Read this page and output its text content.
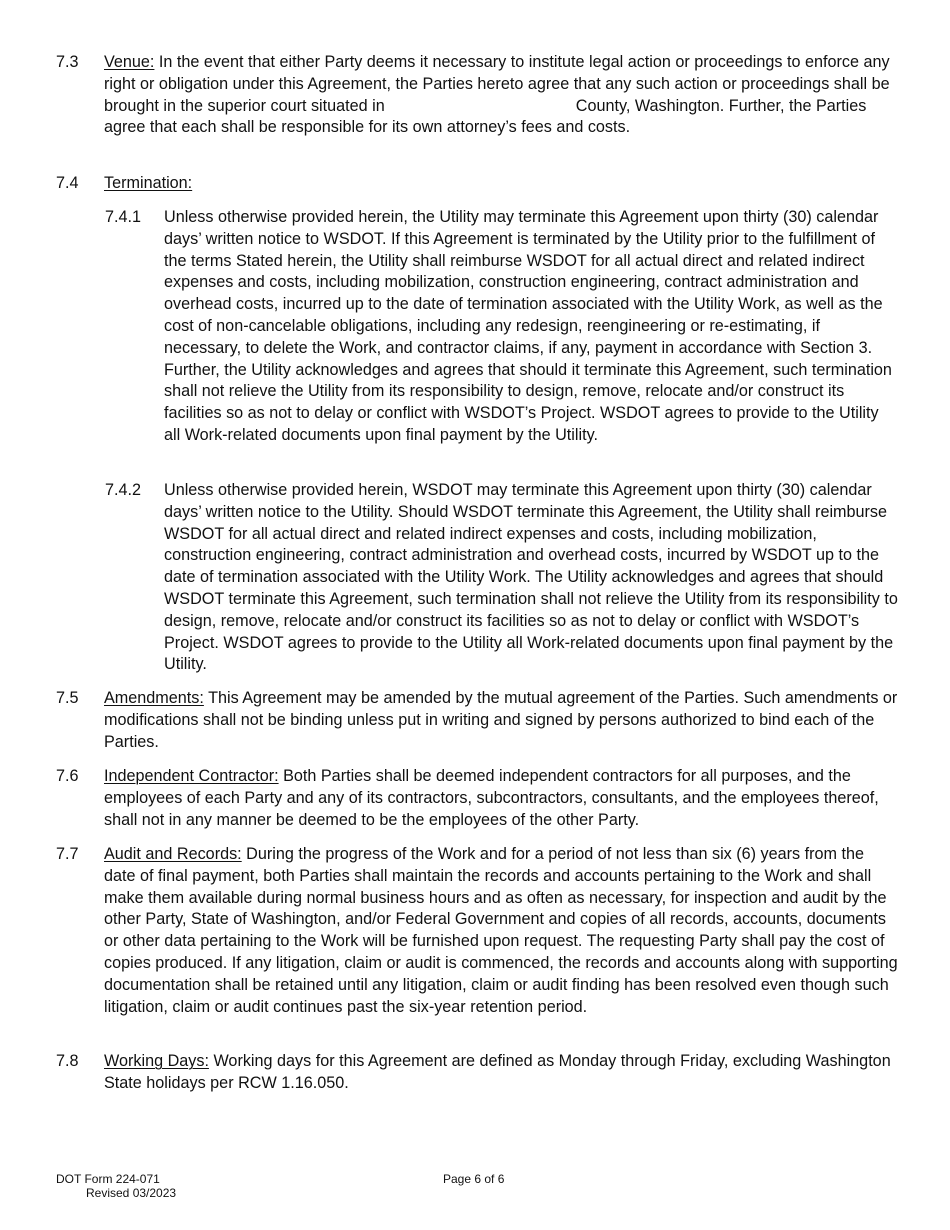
7.3	Venue: In the event that either Party deems it necessary to institute legal action or proceedings to enforce any right or obligation under this Agreement, the Parties hereto agree that any such action or proceedings shall be brought in the superior court situated in	County, Washington. Further, the Parties agree that each shall be responsible for its own attorney’s fees and costs.
7.4	Termination:
7.4.1	Unless otherwise provided herein, the Utility may terminate this Agreement upon thirty (30) calendar days’ written notice to WSDOT. If this Agreement is terminated by the Utility prior to the fulfillment of the terms Stated herein, the Utility shall reimburse WSDOT for all actual direct and related indirect expenses and costs, including mobilization, construction engineering, contract administration and overhead costs, incurred up to the date of termination associated with the Utility Work, as well as the cost of non-cancelable obligations, including any redesign, reengineering or re-estimating, if necessary, to delete the Work, and contractor claims, if any, payment in accordance with Section 3. Further, the Utility acknowledges and agrees that should it terminate this Agreement, such termination shall not relieve the Utility from its responsibility to design, remove, relocate and/or construct its facilities so as not to delay or conflict with WSDOT’s Project. WSDOT agrees to provide to the Utility all Work-related documents upon final payment by the Utility.
7.4.2	Unless otherwise provided herein, WSDOT may terminate this Agreement upon thirty (30) calendar days’ written notice to the Utility. Should WSDOT terminate this Agreement, the Utility shall reimburse WSDOT for all actual direct and related indirect expenses and costs, including mobilization, construction engineering, contract administration and overhead costs, incurred by WSDOT up to the date of termination associated with the Utility Work. The Utility acknowledges and agrees that should WSDOT terminate this Agreement, such termination shall not relieve the Utility from its responsibility to design, remove, relocate and/or construct its facilities so as not to delay or conflict with WSDOT’s Project. WSDOT agrees to provide to the Utility all Work-related documents upon final payment by the Utility.
7.5	Amendments: This Agreement may be amended by the mutual agreement of the Parties. Such amendments or modifications shall not be binding unless put in writing and signed by persons authorized to bind each of the Parties.
7.6	Independent Contractor: Both Parties shall be deemed independent contractors for all purposes, and the employees of each Party and any of its contractors, subcontractors, consultants, and the employees thereof, shall not in any manner be deemed to be the employees of the other Party.
7.7	Audit and Records: During the progress of the Work and for a period of not less than six (6) years from the date of final payment, both Parties shall maintain the records and accounts pertaining to the Work and shall make them available during normal business hours and as often as necessary, for inspection and audit by the other Party, State of Washington, and/or Federal Government and copies of all records, accounts, documents or other data pertaining to the Work will be furnished upon request. The requesting Party shall pay the cost of copies produced. If any litigation, claim or audit is commenced, the records and accounts along with supporting documentation shall be retained until any litigation, claim or audit finding has been resolved even though such litigation, claim or audit continues past the six-year retention period.
7.8	Working Days: Working days for this Agreement are defined as Monday through Friday, excluding Washington State holidays per RCW 1.16.050.
DOT Form 224-071
Revised 03/2023
Page 6 of 6
